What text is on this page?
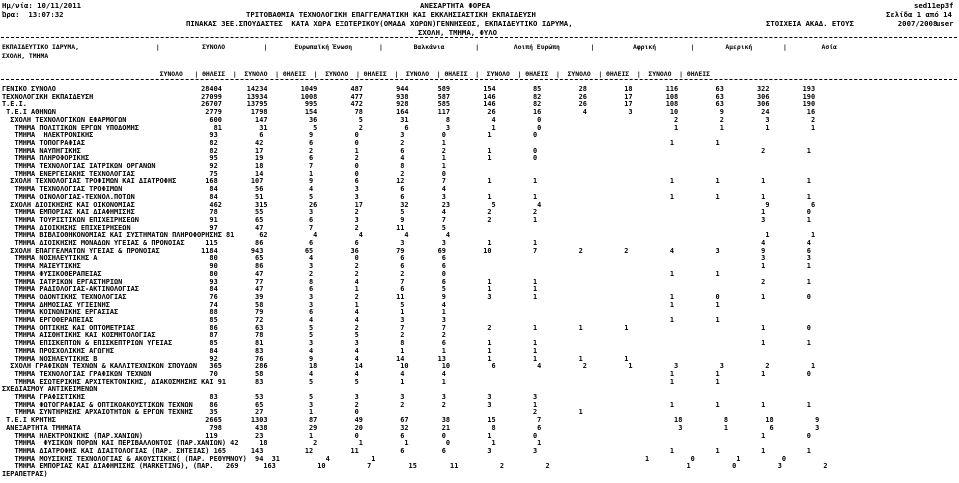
Ημ/νία: 10/11/2011
Ώρα:  13:07:32
ΑΝΕΣΑΡΤΗΤΑ ΦΟΡΕΑ
ΤΡΙΤΟΒΑΘΜΙΑ ΤΕΧΝΟΛΟΓΙΚΗ ΕΠΑΓΓΕΛΜΑΤΙΚΗ ΚΑΙ ΕΚΚΛΗΣΙΑΣΤΙΚΗ ΕΚΠΑΙΔΕΥΣΗ
ΠΙΝΑΚΑΣ 3ΕΕ.ΣΠΟΥΔΑΣΤΕΣ  ΚΑΤΑ ΧΩΡΑ ΕΞΩΤΕΡΙΚΟΥ(ΟΜΑΔΑ ΧΩΡΩΝ)ΓΕΝΝΗΣΕΩΣ, ΕΚΠΑΙΔΕΥΤΙΚΟ ΙΔΡΥΜΑ,
ΣΧΟΛΗ, ΤΜΗΜΑ, ΦΥΛΟ
sed11ep3f
Σελίδα 1 από 14
user
ΣΤΟΙΧΕΙΑ ΑΚΑΔ. ΕΤΟΥΣ          2007/2008
ΕΚΠΑΙΔΕΥΤΙΚΟ ΙΔΡΥΜΑ,                    |           ΣΥΝΟΛΟ          |       Ευρωπαϊκή Ένωση       |        Βαλκάνια        |         Λοιπή Ευρώπη        |          Αφρική         |        Αμερική        |         Ασία
ΣΧΟΛΗ, ΤΜΗΜΑ
ΣΥΝΟΛΟ   | ΘΗΛΕΙΣ  |  ΣΥΝΟΛΟ  | ΘΗΛΕΙΣ  |  ΣΥΝΟΛΟ  | ΘΗΛΕΙΣ  |  ΣΥΝΟΛΟ  | ΘΗΛΕΙΣ  |  ΣΥΝΟΛΟ  | ΘΗΛΕΙΣ  |  ΣΥΝΟΛΟ  | ΘΗΛΕΙΣ  |  ΣΥΝΟΛΟ  | ΘΗΛΕΙΣ
ΓΕΝΙΚΟ ΣΥΝΟΛΟ                                   28404      14234        1049        487        944       589        154         85         28         18        116         63        322        193
ΤΕΧΝΟΛΟΓΙΚΗ ΕΚΠΑΙΔΕΥΣΗ                          27099      13934        1008        477        938       587        146         82         26         17        108         63        306        190
Τ.Ε.Ι.                                          26707      13795         995        472        928       585        146         82         26         17        108         63        306        190
Τ.Ε.Ι ΑΘΗΝΩΝ                                    2779       1798         154         78        164       117         26         16          4          3         10          9         24         16
ΣΧΟΛΗ ΤΕΧΝΟΛΟΓΙΚΩΝ ΕΦΑΡΜΟΓΩΝ                    600        147          36          5         31         8          4          0                                2          2          3          2
ΤΜΗΜΑ ΠΟΛΙΤΙΚΩΝ ΕΡΓΩΝ ΥΠΟΔΟΜΗΣ                  81         31           5          2          6         3          1          0                                1          1          1          1
ΤΜΗΜΑ  ΗΛΕΚΤΡΟΝΙΚΗΣ                            93          6           9          0          3         0          1          0
ΤΜΗΜΑ ΤΟΠΟΓΡΑΦΙΑΣ                              82         42           6          0          2         1                                                      1          1
ΤΜΗΜΑ ΝΑΥΠΗΓΙΚΗΣ                               82         17           2          1          6         2          1          0                                                      2          1
ΤΜΗΜΑ ΠΛΗΡΟΦΟΡΙΚΗΣ                             95         19           6          2          4         1          1          0
ΤΜΗΜΑ ΤΕΧΝΟΛΟΓΙΑΣ ΙΑΤΡΙΚΩΝ ΟΡΓΑΝΩΝ             92         18           7          0          8         1
ΤΜΗΜΑ ΕΝΕΡΓΕΙΑΚΗΣ ΤΕΧΝΟΛΟΓΙΑΣ                  75         14           1          0          2         0
ΣΧΟΛΗ ΤΕΧΝΟΛΟΓΙΑΣ ΤΡΟΦΙΜΩΝ ΚΑΙ ΔΙΑΤΡΟΦΗΣ       168        107           9          6         12         7          1          1                                1          1          1          1
ΤΜΗΜΑ ΤΕΧΝΟΛΟΓΙΑΣ ΤΡΟΦΙΜΩΝ                     84         56           4          3          6         4
ΤΜΗΜΑ ΟΙΝΟΛΟΓΙΑΣ-ΤΕΧΝΟΛ.ΠΟΤΩΝ                  84         51           5          3          6         3          1          1                                1          1          1          1
ΣΧΟΛΗ ΔΙΟΙΚΗΣΗΣ ΚΑΙ ΟΙΚΟΝΟΜΙΑΣ                  462        315          26         17         32        23          5          4                                                      9          6
ΤΜΗΜΑ ΕΜΠΟΡΙΑΣ ΚΑΙ ΔΙΑΦΗΜΙΣΗΣ                  78         55           3          2          5         4          2          2                                                      1          0
ΤΜΗΜΑ ΤΟΥΡΙΣΤΙΚΩΝ ΕΠΙΧΕΙΡΗΣΕΩΝ                 91         65           6          3          9         7          2          1                                                      3          1
ΤΜΗΜΑ ΔΙΟΙΚΗΣΗΣ ΕΠΙΧΕΙΡΗΣΕΩΝ                   97         47           7          2         11         5
ΤΜΗΜΑ ΒΙΒΛΙΟΘΗΚΟΝΟΜΙΑΣ ΚΑΙ ΣΥΣΤΗΜΑΤΩΝ ΠΛΗΡΟΦΟΡΗΣΗΣ 81      62           4          4          4         4                                                                            1          1
ΤΜΗΜΑ ΔΙΟΙΚΗΣΗΣ ΜΟΝΑΔΩΝ ΥΓΕΙΑΣ & ΠΡΟΝΟΙΑΣ     115         86           6          6          3         3          1          1                                                      4          4
ΣΧΟΛΗ ΕΠΑΓΓΕΛΜΑΤΩΝ ΥΓΕΙΑΣ & ΠΡΟΝΟΙΑΣ          1184        943          65         36         79        69         10          7          2          2          4          3          9          6
ΤΜΗΜΑ ΝΟΣΗΛΕΥΤΙΚΗΣ Α                           80         65           4          0          6         6                                                                            3          3
ΤΜΗΜΑ ΜΑΙΕΥΤΙΚΗΣ                               90         86           3          2          6         6                                                                            1          1
ΤΜΗΜΑ ΦΥΣΙΚΟΘΕΡΑΠΕΙΑΣ                          80         47           2          2          2         0                                                      1          1
ΤΜΗΜΑ ΙΑΤΡΙΚΩΝ ΕΡΓΑΣΤΗΡΙΩΝ                     93         77           8          4          7         6          1          1                                                      2          1
ΤΜΗΜΑ ΡΑΔΙΟΛΟΓΙΑΣ-ΑΚΤΙΝΟΛΟΓΙΑΣ                 84         47           6          1          6         5          1          1
ΤΜΗΜΑ ΟΔΟΝΤΙΚΗΣ ΤΕΧΝΟΛΟΓΙΑΣ                    76         39           3          2         11         9          3          1                                1          0          1          0
ΤΜΗΜΑ ΔΗΜΟΣΙΑΣ ΥΓΙΕΙΝΗΣ                        74         58           3          1          5         4                                                      1          1
ΤΜΗΜΑ ΚΟΙΝΩΝΙΚΗΣ ΕΡΓΑΣΙΑΣ                      88         79           6          4          1         1
ΤΜΗΜΑ ΕΡΓΟΘΕΡΑΠΕΙΑΣ                            85         72           4          4          3         3                                                      1          1
ΤΜΗΜΑ ΟΠΤΙΚΗΣ ΚΑΙ ΟΠΤΟΜΕΤΡΙΑΣ                  86         63           5          2          7         7          2          1          1          1                                1          0
ΤΜΗΜΑ ΑΙΣΘΗΤΙΚΗΣ ΚΑΙ ΚΟΣΜΗΤΟΛΟΓΙΑΣ             87         78           5          5          2         2
ΤΜΗΜΑ ΕΠΙΣΚΕΠΤΩΝ & ΕΠΙΣΚΕΠΤΡΙΩΝ ΥΓΕΙΑΣ         85         81           3          3          8         6          1          1                                                      1          1
ΤΜΗΜΑ ΠΡΟΣΧΟΛΙΚΗΣ ΑΓΩΓΗΣ                       84         83           4          4          1         1          1          1
ΤΜΗΜΑ ΝΟΣΗΛΕΥΤΙΚΗΣ Β                           92         76           9          4         14        13          1          1          1          1
ΣΧΟΛΗ ΓΡΑΦΙΚΩΝ ΤΕΧΝΩΝ & ΚΑΛΛΙΤΕΧΝΙΚΩΝ ΣΠΟΥΔΩΝ   365        286          18         14         10        10          6          4          2          1          3          3          2          1
ΤΜΗΜΑ ΤΕΧΝΟΛΟΓΙΑΣ ΓΡΑΦΙΚΩΝ ΤΕΧΝΩΝ              70         58           4          4          4         4                                                      1          1          1          0
ΤΜΗΜΑ ΕΣΩΤΕΡΙΚΗΣ ΑΡΧΙΤΕΚΤΟΝΙΚΗΣ, ΔΙΑΚΟΣΜΗΣΗΣ ΚΑΙ 91       83           5          5          1         1                                                      1          1
ΣΧΕΔΙΑΣΜΟΥ ΑΝΤΙΚΕΙΜΕΝΩΝ
ΤΜΗΜΑ ΓΡΑΦΙΣΤΙΚΗΣ                              83         53           5          3          3         3          3          3
ΤΜΗΜΑ ΦΩΤΟΓΡΑΦΙΑΣ & ΟΠΤΙΚΟΑΚΟΥΣΤΙΚΩΝ ΤΕΧΝΩΝ    86         65           3          2          2         2          3          1                                1          1          1          1
ΤΜΗΜΑ ΣΥΝΤΗΡΗΣΗΣ ΑΡΧΑΙΟΤΗΤΩΝ & ΕΡΓΩΝ ΤΕΧΝΗΣ    35         27           1          0                                          2          1
Τ.Ε.Ι ΚΡΗΤΗΣ                                    2665       1303          87         49         67        38         15          7                                18          8         18          9
ΑΝΕΞΑΡΤΗΤΑ ΤΜΗΜΑΤΑ                               798        438          29         20         32        21          8          6                                 3          1          6          3
ΤΜΗΜΑ ΗΛΕΚΤΡΟΝΙΚΗΣ (ΠΑΡ.ΧΑΝΙΩΝ)               119         23           1          0          6         0          1          0                                                      1          0
ΤΜΗΜΑ  ΦΥΣΙΚΩΝ ΠΟΡΩΝ ΚΑΙ ΠΕΡΙΒΑΛΛΟΝΤΟΣ (ΠΑΡ.ΧΑΝΙΩΝ) 42     18           2          1          1         0          1          1
ΤΜΗΜΑ ΔΙΑΤΡΟΦΗΣ ΚΑΙ ΔΙΑΙΤΟΛΟΓΙΑΣ (ΠΑΡ. ΣΗΤΕΙΑΣ) 165      143          12         11          6         6          3          3                                1          1          1          1
ΤΜΗΜΑ ΜΟΥΣΙΚΗΣ ΤΕΧΝΟΛΟΓΙΑΣ & ΑΚΟΥΣΤΙΚΗΣ( (ΠΑΡ. ΡΕΘΥΜΝΟΥ)  94  31           4          1                                                                 1          0          1          0
ΤΜΗΜΑ ΕΜΠΟΡΙΑΣ ΚΑΙ ΔΙΑΦΗΜΙΣΗΣ (MARKETING), (ΠΑΡ.   269      163          10          7         15        11          2          2                                 1          0          3          2
ΙΕΡΑΠΕΤΡΑΣ)
